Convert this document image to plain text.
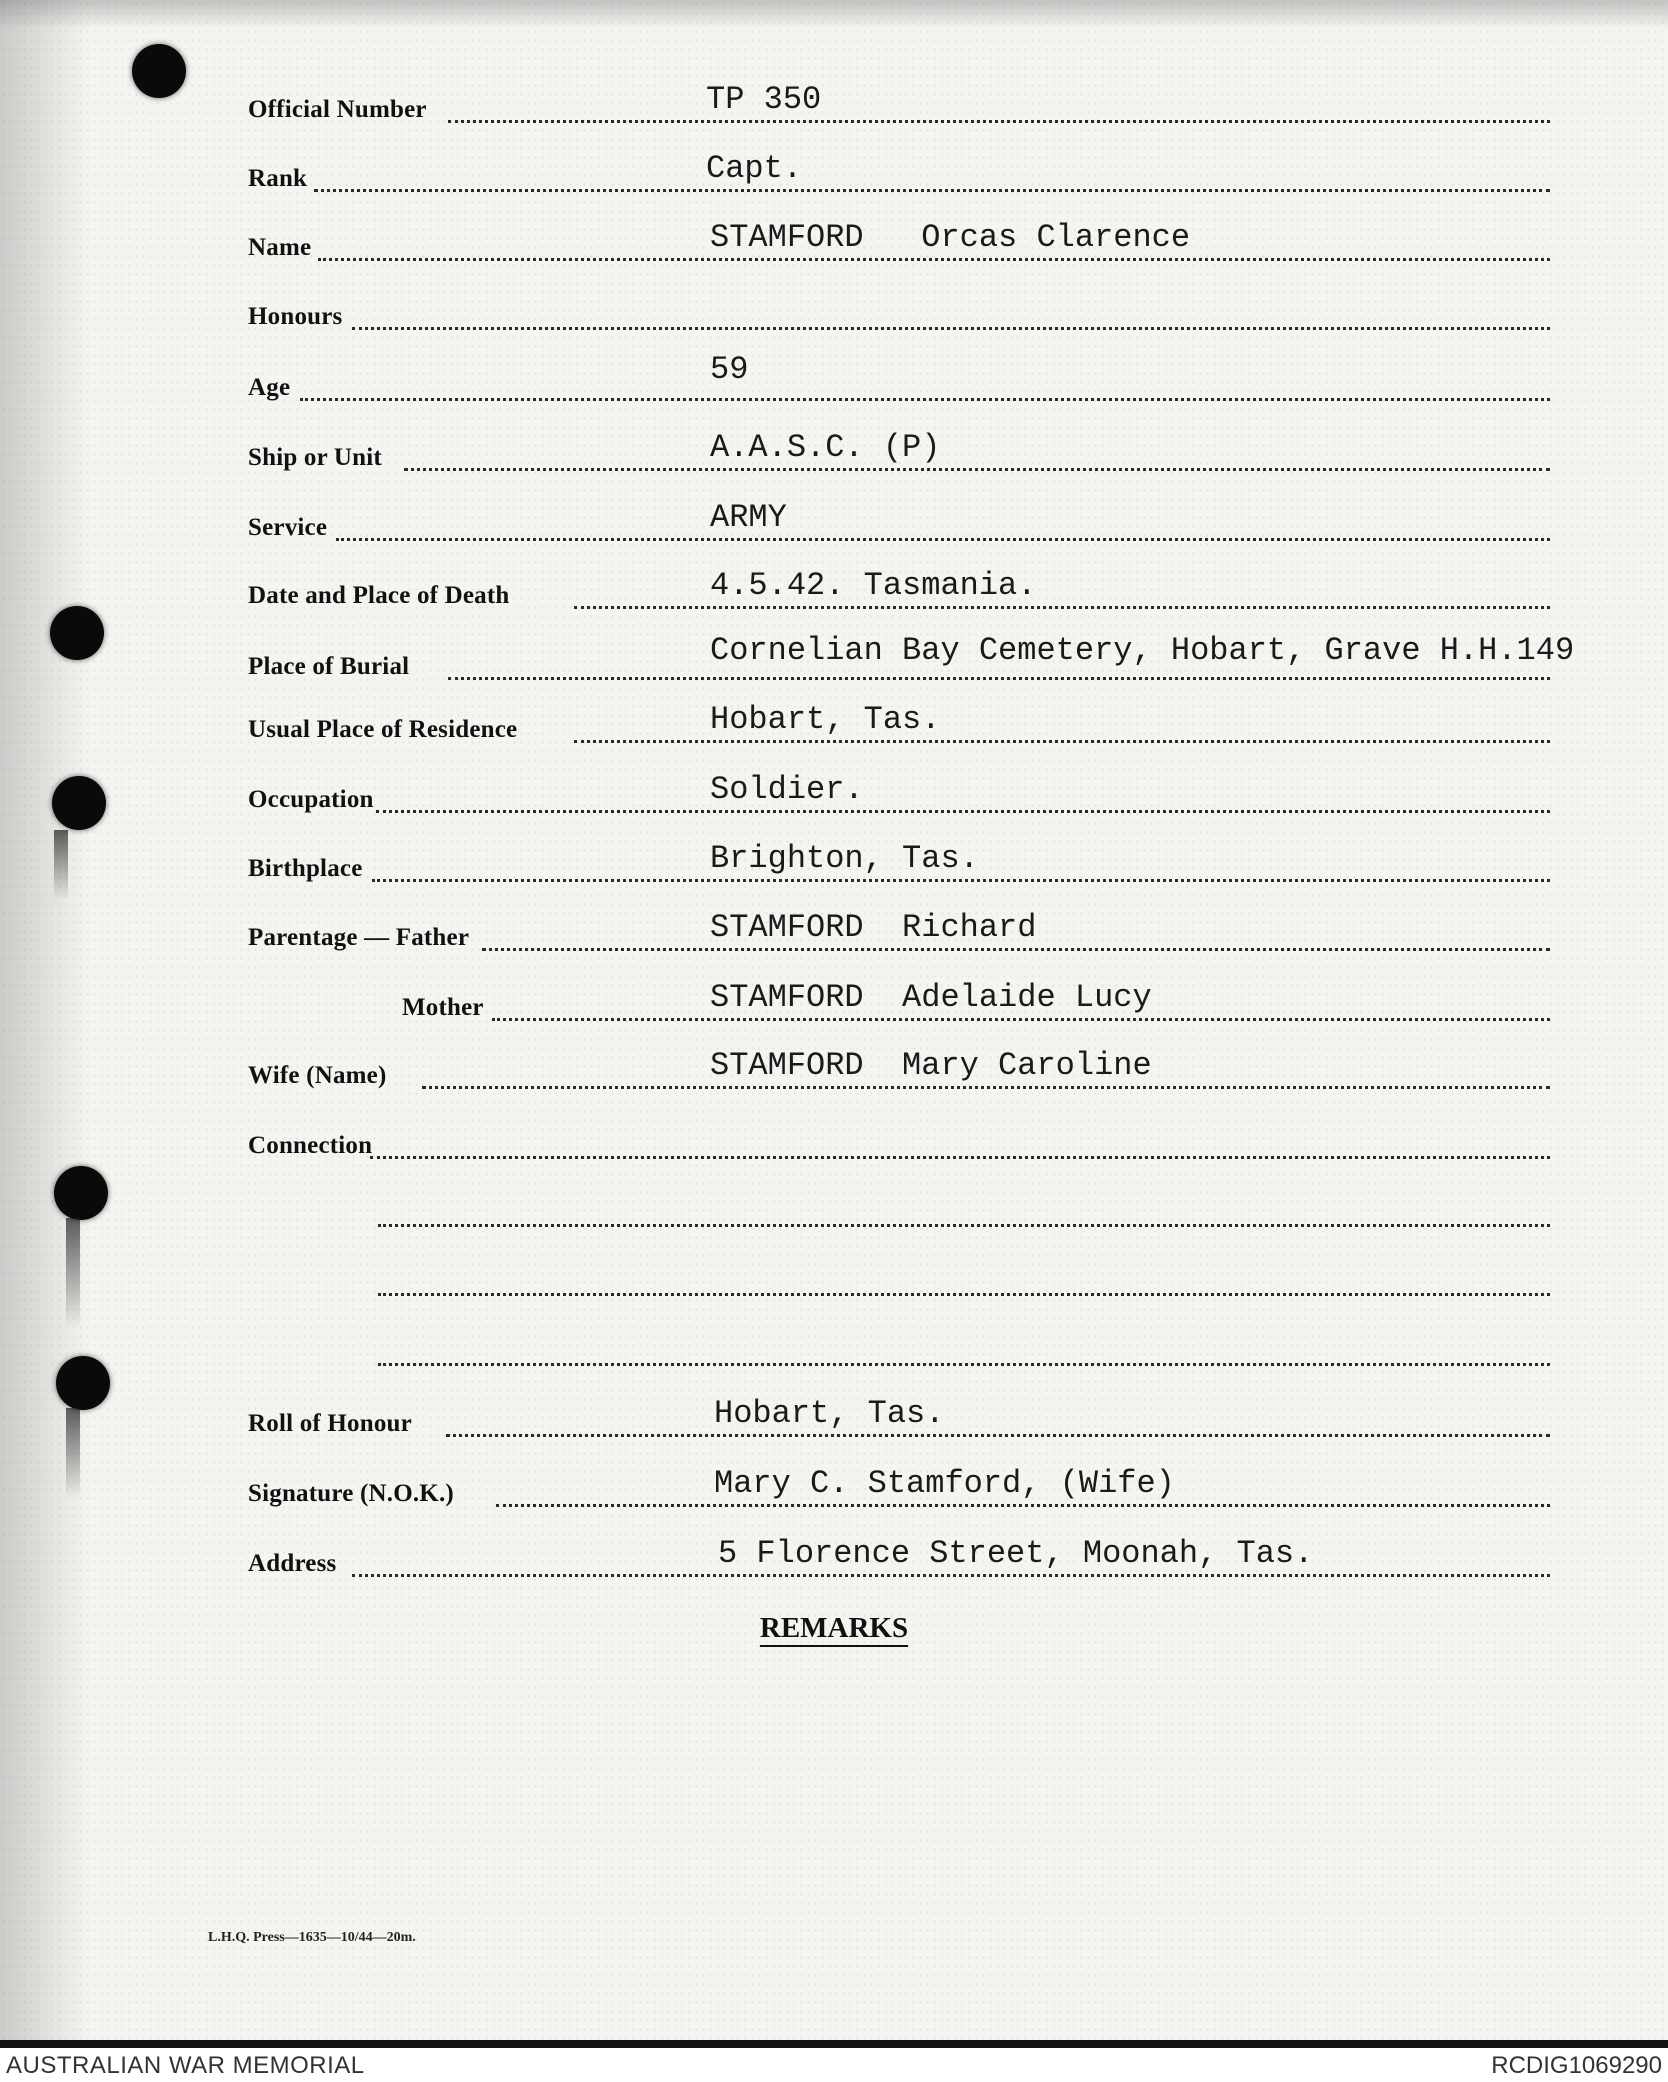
Official Number	TP 350
Rank	Capt.
Name	STAMFORD   Orcas Clarence
Honours
Age	59
Ship or Unit	A.A.S.C. (P)
Service	ARMY
Date and Place of Death	4.5.42. Tasmania.
Place of Burial	Cornelian Bay Cemetery, Hobart, Grave H.H.149
Usual Place of Residence	Hobart, Tas.
Occupation	Soldier.
Birthplace	Brighton, Tas.
Parentage — Father	STAMFORD  Richard
Mother	STAMFORD  Adelaide Lucy
Wife (Name)	STAMFORD  Mary Caroline
Connection
Roll of Honour	Hobart, Tas.
Signature (N.O.K.)	Mary C. Stamford, (Wife)
Address	5 Florence Street, Moonah, Tas.
REMARKS
L.H.Q. Press—1635—10/44—20m.
AUSTRALIAN WAR MEMORIAL	RCDIG1069290
